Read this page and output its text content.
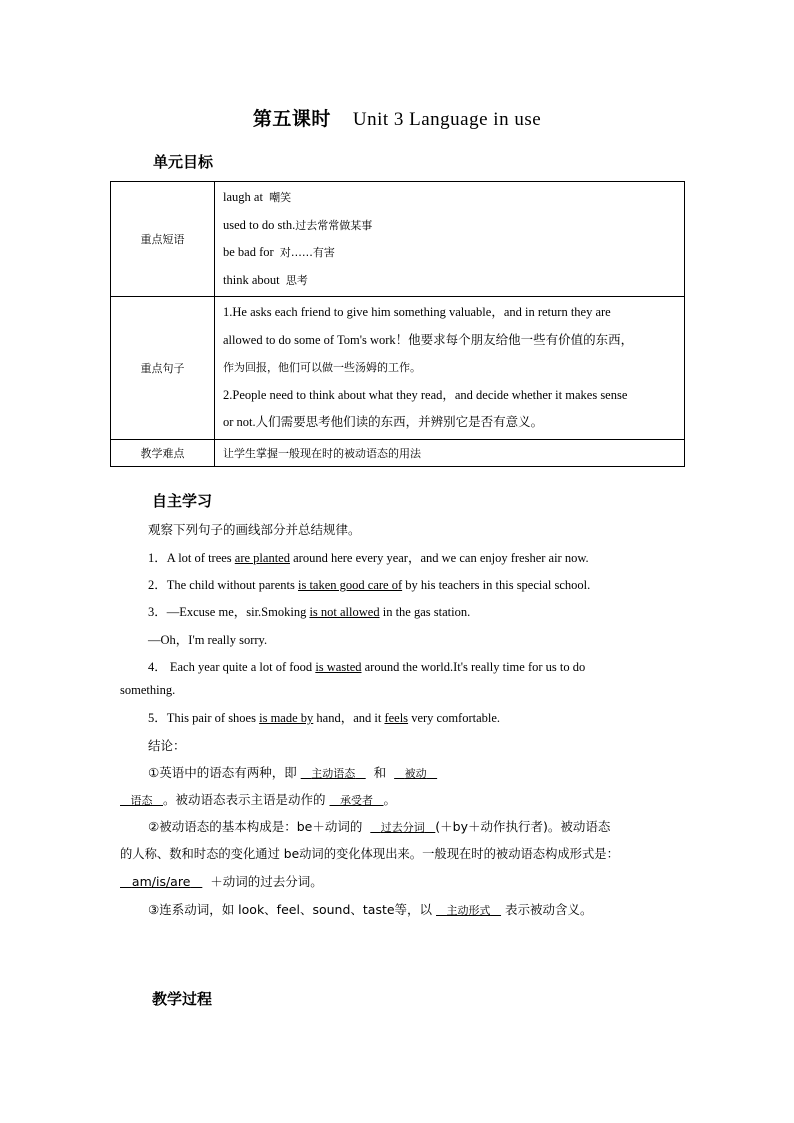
第五课时 Unit 3 Language in use
单元目标
重点短语	laugh at 嘲笑
used to do sth.过去常常做某事
be bad for 对……有害
think about 思考

重点句子	1.He asks each friend to give him something valuable，and in return they are
allowed to do some of Tom's work！他要求每个朋友给他一些有价值的东西，
作为回报，他们可以做一些汤姆的工作。
2.People need to think about what they read，and decide whether it makes sense
or not.人们需要思考他们读的东西，并辨别它是否有意义。

教学难点	让学生掌握一般现在时的被动语态的用法
自主学习
观察下列句子的画线部分并总结规律。
1．A lot of trees are planted around here every year，and we can enjoy fresher air now.
2．The child without parents is taken good care of by his teachers in this special school.
3．—Excuse me，sir.Smoking is not allowed in the gas station.
—Oh，I'm really sorry.
4． Each year quite a lot of food is wasted around the world.It's really time for us to do
something.
5．This pair of shoes is made by hand，and it feels very comfortable.
结论：
①英语中的语态有两种，即 主动语态 和 被动
语态 。被动语态表示主语是动作的 承受者 。
②被动语态的基本构成是：be＋动词的 过去分词 (＋by＋动作执行者)。被动语态
的人称、数和时态的变化通过 be动词的变化体现出来。一般现在时的被动语态构成形式是：
am/is/are ＋动词的过去分词。
③连系动词，如 look、feel、sound、taste等，以 主动形式 表示被动含义。
教学过程
